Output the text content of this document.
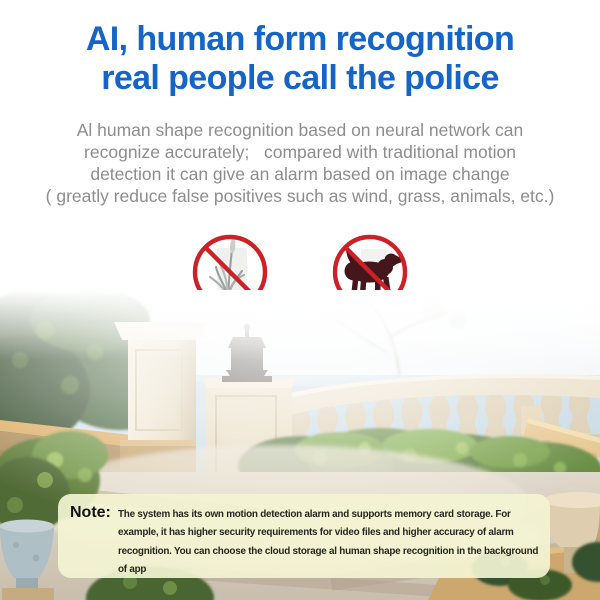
AI, human form recognition
real people call the police
Al human shape recognition based on neural network can
recognize accurately;   compared with traditional motion
detection it can give an alarm based on image change
( greatly reduce false positives such as wind, grass, animals, etc.)
Note: The system has its own motion detection alarm and supports memory card storage. For
example, it has higher security requirements for video files and higher accuracy of alarm
recognition. You can choose the cloud storage al human shape recognition in the background
of app
